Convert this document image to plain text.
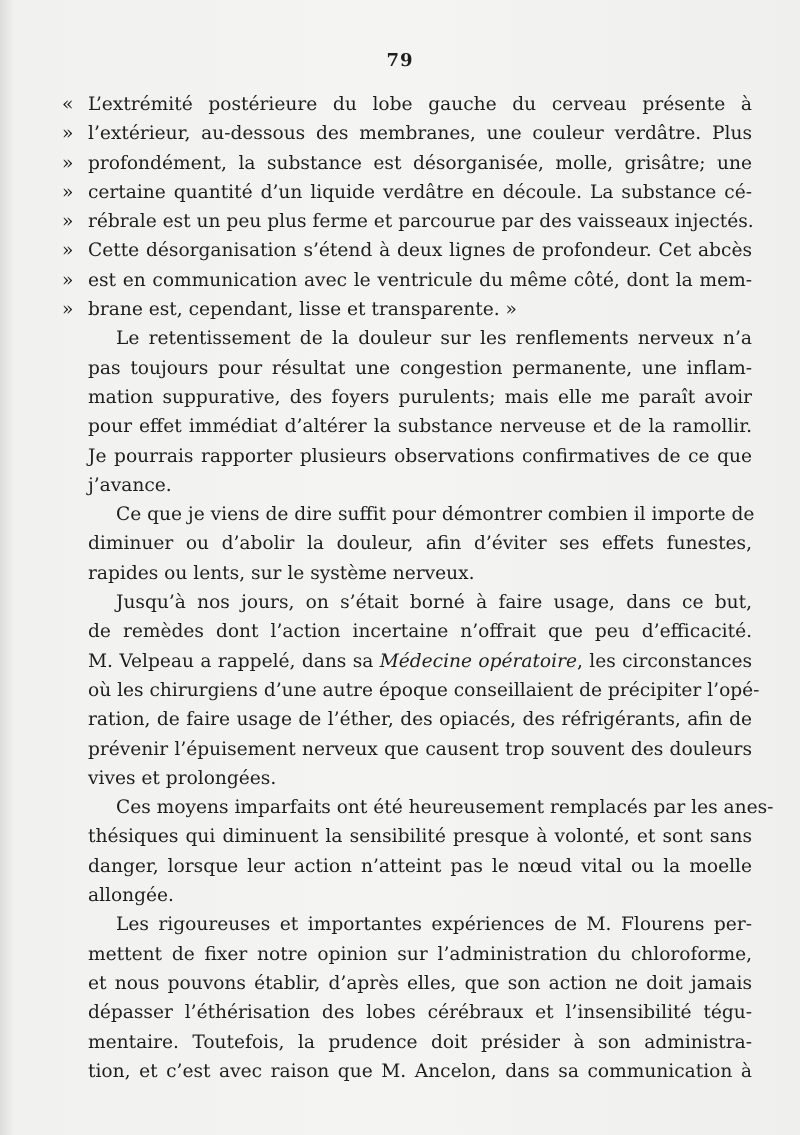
79
« L’extrémité postérieure du lobe gauche du cerveau présente à
» l’extérieur, au-dessous des membranes, une couleur verdâtre. Plus
» profondément, la substance est désorganisée, molle, grisâtre; une
» certaine quantité d’un liquide verdâtre en découle. La substance cé-
» rébrale est un peu plus ferme et parcourue par des vaisseaux injectés.
» Cette désorganisation s’étend à deux lignes de profondeur. Cet abcès
» est en communication avec le ventricule du même côté, dont la mem-
» brane est, cependant, lisse et transparente. »
Le retentissement de la douleur sur les renflements nerveux n’a
pas toujours pour résultat une congestion permanente, une inflam-
mation suppurative, des foyers purulents; mais elle me paraît avoir
pour effet immédiat d’altérer la substance nerveuse et de la ramollir.
Je pourrais rapporter plusieurs observations confirmatives de ce que
j’avance.
Ce que je viens de dire suffit pour démontrer combien il importe de
diminuer ou d’abolir la douleur, afin d’éviter ses effets funestes,
rapides ou lents, sur le système nerveux.
Jusqu’à nos jours, on s’était borné à faire usage, dans ce but,
de remèdes dont l’action incertaine n’offrait que peu d’efficacité.
M. Velpeau a rappelé, dans sa Médecine opératoire, les circonstances
où les chirurgiens d’une autre époque conseillaient de précipiter l’opé-
ration, de faire usage de l’éther, des opiacés, des réfrigérants, afin de
prévenir l’épuisement nerveux que causent trop souvent des douleurs
vives et prolongées.
Ces moyens imparfaits ont été heureusement remplacés par les anes-
thésiques qui diminuent la sensibilité presque à volonté, et sont sans
danger, lorsque leur action n’atteint pas le nœud vital ou la moelle
allongée.
Les rigoureuses et importantes expériences de M. Flourens per-
mettent de fixer notre opinion sur l’administration du chloroforme,
et nous pouvons établir, d’après elles, que son action ne doit jamais
dépasser l’éthérisation des lobes cérébraux et l’insensibilité tégu-
mentaire. Toutefois, la prudence doit présider à son administra-
tion, et c’est avec raison que M. Ancelon, dans sa communication à
